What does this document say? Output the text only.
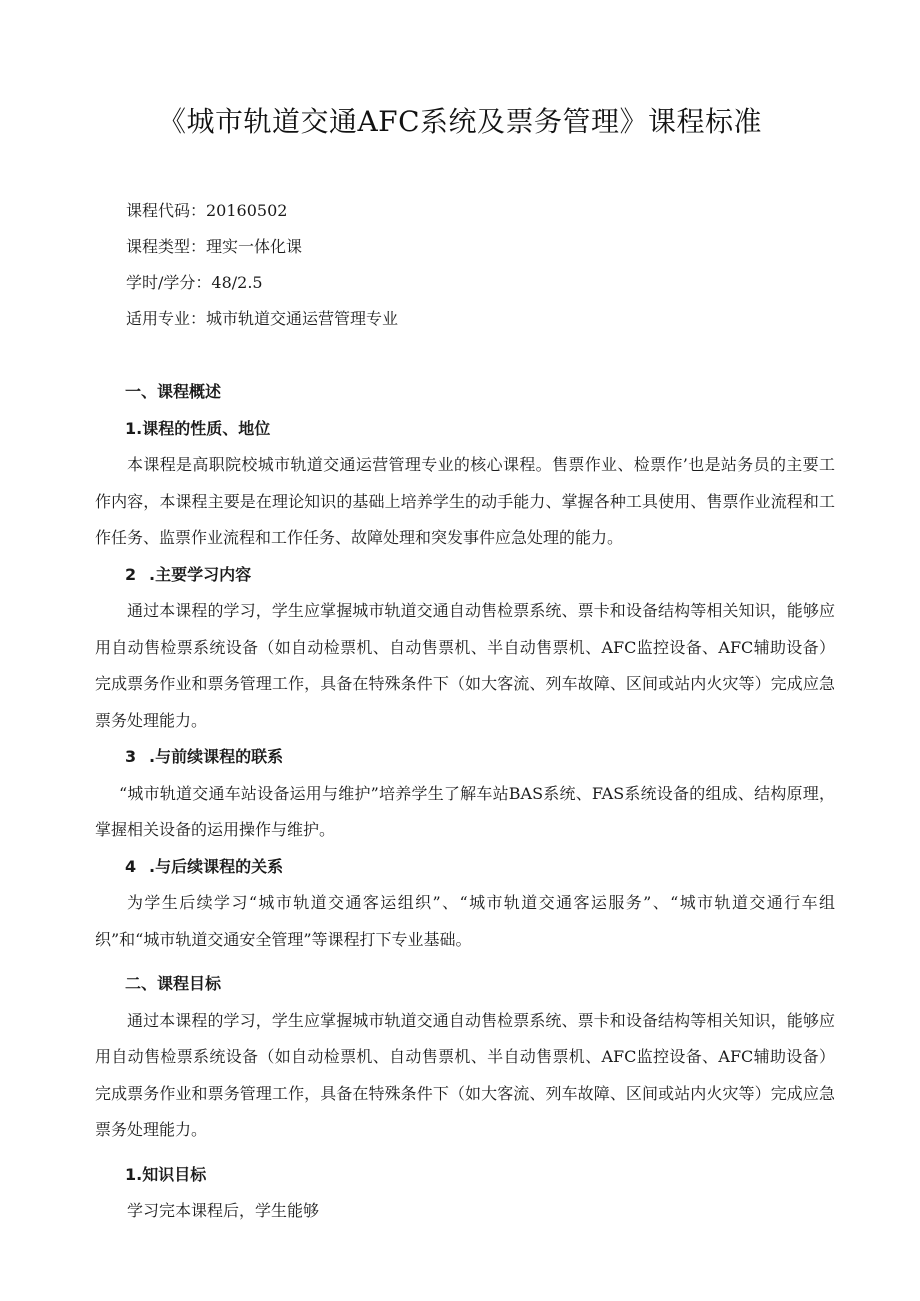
《城市轨道交通AFC系统及票务管理》课程标准
课程代码：20160502
课程类型：理实一体化课
学时/学分：48/2.5
适用专业：城市轨道交通运营管理专业
一、课程概述
1.课程的性质、地位

本课程是高职院校城市轨道交通运营管理专业的核心课程。售票作业、检票作’也是站务员的主要工作内容，本课程主要是在理论知识的基础上培养学生的动手能力、掌握各种工具使用、售票作业流程和工作任务、监票作业流程和工作任务、故障处理和突发事件应急处理的能力。

2 .主要学习内容

通过本课程的学习，学生应掌握城市轨道交通自动售检票系统、票卡和设备结构等相关知识，能够应用自动售检票系统设备（如自动检票机、自动售票机、半自动售票机、AFC监控设备、AFC辅助设备）完成票务作业和票务管理工作，具备在特殊条件下（如大客流、列车故障、区间或站内火灾等）完成应急票务处理能力。

3 .与前续课程的联系

“城市轨道交通车站设备运用与维护”培养学生了解车站BAS系统、FAS系统设备的组成、结构原理，掌握相关设备的运用操作与维护。

4 .与后续课程的关系

为学生后续学习“城市轨道交通客运组织”、“城市轨道交通客运服务”、“城市轨道交通行车组织”和“城市轨道交通安全管理”等课程打下专业基础。

二、课程目标

通过本课程的学习，学生应掌握城市轨道交通自动售检票系统、票卡和设备结构等相关知识，能够应用自动售检票系统设备（如自动检票机、自动售票机、半自动售票机、AFC监控设备、AFC辅助设备）完成票务作业和票务管理工作，具备在特殊条件下（如大客流、列车故障、区间或站内火灾等）完成应急票务处理能力。

1.知识目标

学习完本课程后，学生能够
